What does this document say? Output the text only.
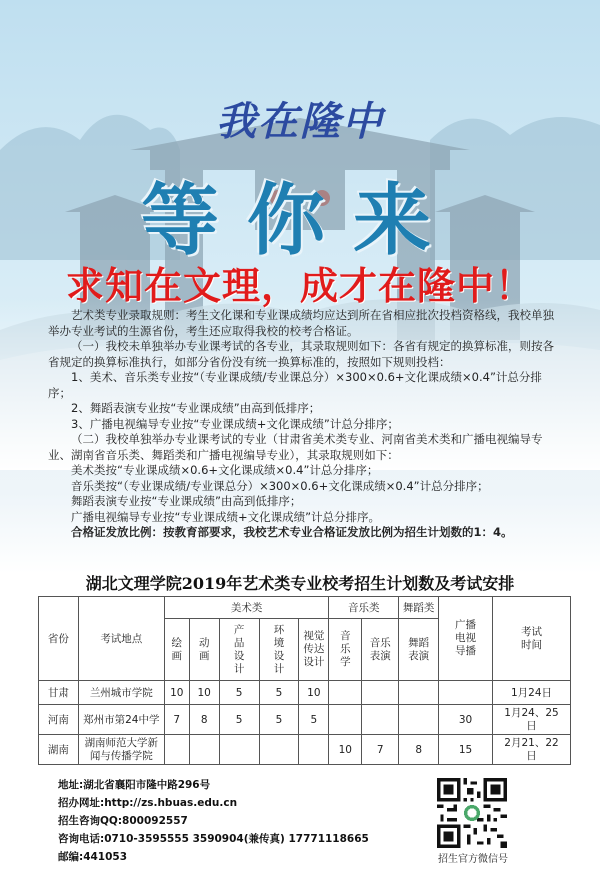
我在隆中
等你来
求知在文理，成才在隆中！

艺术类专业录取规则：考生文化课和专业课成绩均应达到所在省相应批次投档资格线，我校单独举办专业考试的生源省份，考生还应取得我校的校考合格证。

（一）我校未单独举办专业课考试的各专业，其录取规则如下：各省有规定的换算标准，则按各省规定的换算标准执行，如部分省份没有统一换算标准的，按照如下规则投档：

1、美术、音乐类专业按“（专业课成绩/专业课总分）×300×0.6+文化课成绩×0.4”计总分排序；

2、舞蹈表演专业按“专业课成绩”由高到低排序；

3、广播电视编导专业按“专业课成绩+文化课成绩”计总分排序；

（二）我校单独举办专业课考试的专业（甘肃省美术类专业、河南省美术类和广播电视编导专业、湖南省音乐类、舞蹈类和广播电视编导专业），其录取规则如下：

美术类按“专业课成绩×0.6+文化课成绩×0.4”计总分排序；

音乐类按“（专业课成绩/专业课总分）×300×0.6+文化课成绩×0.4”计总分排序；

舞蹈表演专业按“专业课成绩”由高到低排序；

广播电视编导专业按“专业课成绩+文化课成绩”计总分排序。

合格证发放比例：按教育部要求，我校艺术专业合格证发放比例为招生计划数的1：4。

湖北文理学院2019年艺术类专业校考招生计划数及考试安排
省份	考试地点	美术类					音乐类		舞蹈类	广播电视导播	考试时间
		绘画	动画	产品设计	环境设计	视觉传达设计	音乐学	音乐表演	舞蹈表演		
甘肃	兰州城市学院	10	10	5	5	10					1月24日
河南	郑州市第24中学	7	8	5	5	5				30	1月24、25日
湖南	湖南师范大学新闻与传播学院						10	7	8	15	2月21、22日
地址:湖北省襄阳市隆中路296号
招办网址:http://zs.hbuas.edu.cn
招生咨询QQ:800092557
咨询电话:0710-3595555 3590904(兼传真) 17771118665
邮编:441053	招生官方微信号
